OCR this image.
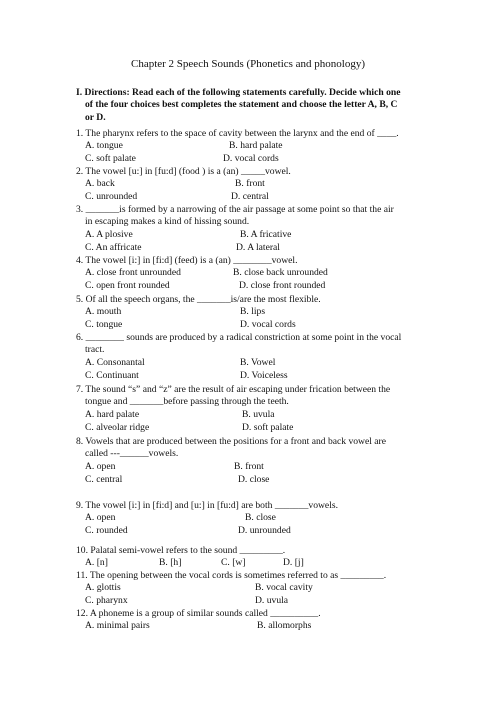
Chapter 2 Speech Sounds (Phonetics and phonology)
I. Directions: Read each of the following statements carefully. Decide which one
of the four choices best completes the statement and choose the letter A, B, C
or D.
1. The pharynx refers to the space of cavity between the larynx and the end of ____.
A. tongue	B. hard palate
C. soft palate	D. vocal cords
2. The vowel [u:] in [fu:d] (food ) is a (an) _____vowel.
A. back	B. front
C. unrounded	D. central
3. _______is formed by a narrowing of the air passage at some point so that the air
in escaping makes a kind of hissing sound.
A. A plosive	B. A fricative
C. An affricate	D. A lateral
4. The vowel [i:] in [fi:d] (feed) is a (an) ________vowel.
A. close front unrounded	B. close back unrounded
C. open front rounded	D. close front rounded
5. Of all the speech organs, the _______is/are the most flexible.
A. mouth	B. lips
C. tongue	D. vocal cords
6. ________ sounds are produced by a radical constriction at some point in the vocal
tract.
A. Consonantal	B. Vowel
C. Continuant	D. Voiceless
7. The sound “s” and “z” are the result of air escaping under frication between the
tongue and _______before passing through the teeth.
A. hard palate	B. uvula
C. alveolar ridge	D. soft palate
8. Vowels that are produced between the positions for a front and back vowel are
called ---______vowels.
A. open	B. front
C. central	D. close
9. The vowel [i:] in [fi:d] and [u:] in [fu:d] are both _______vowels.
A. open	B. close
C. rounded	D. unrounded
10. Palatal semi-vowel refers to the sound _________.
A. [n]	B. [h]	C. [w]	D. [j]
11. The opening between the vocal cords is sometimes referred to as _________.
A. glottis	B. vocal cavity
C. pharynx	D. uvula
12. A phoneme is a group of similar sounds called __________.
A. minimal pairs	B. allomorphs
